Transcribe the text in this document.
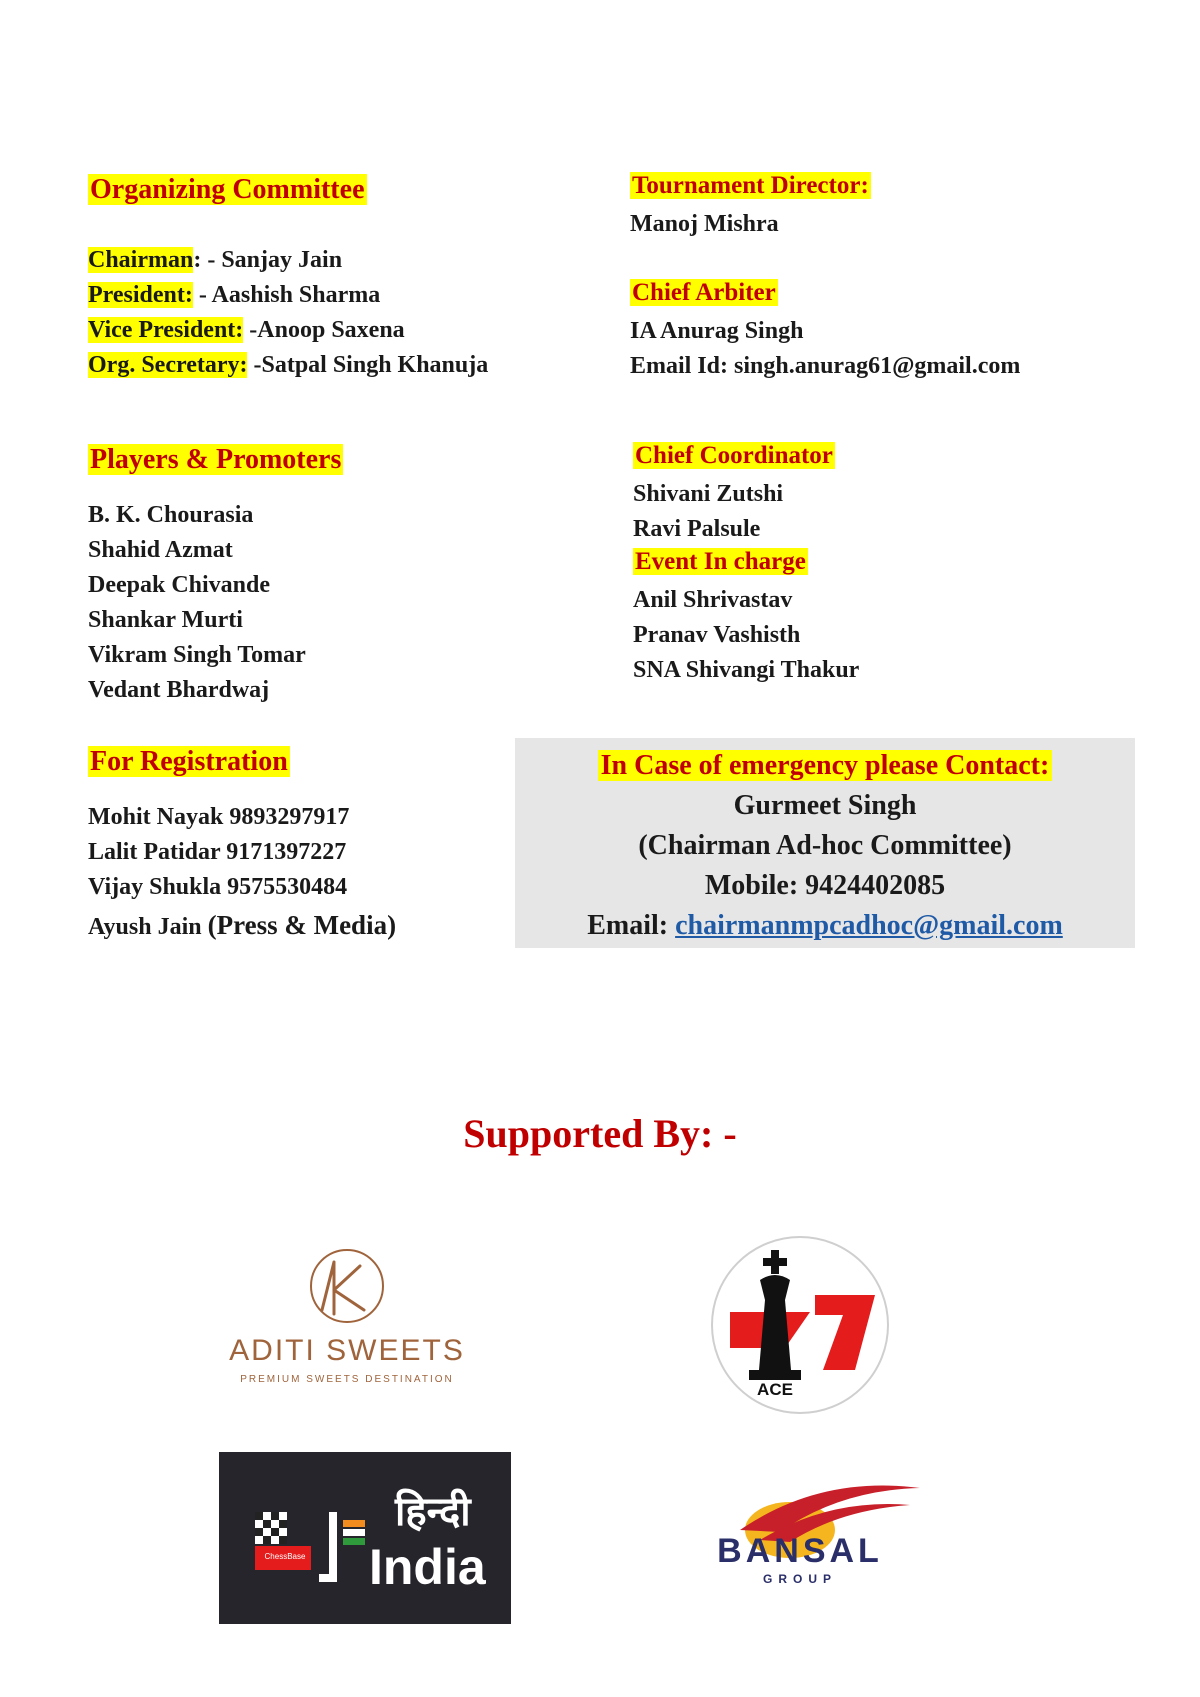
Organizing Committee
Chairman: - Sanjay Jain
President: - Aashish Sharma
Vice President: -Anoop Saxena
Org. Secretary: -Satpal Singh Khanuja
Tournament Director:
Manoj Mishra
Chief Arbiter
IA Anurag Singh
Email Id: singh.anurag61@gmail.com
Players & Promoters
B. K. Chourasia
Shahid Azmat
Deepak Chivande
Shankar Murti
Vikram Singh Tomar
Vedant Bhardwaj
Chief Coordinator
Shivani Zutshi
Ravi Palsule
Event In charge
Anil Shrivastav
Pranav Vashisth
SNA Shivangi Thakur
For Registration
Mohit Nayak 9893297917
Lalit Patidar 9171397227
Vijay Shukla 9575530484
Ayush Jain (Press & Media)
In Case of emergency please Contact:
Gurmeet Singh
(Chairman Ad-hoc Committee)
Mobile: 9424402085
Email: chairmanmpcadhoc@gmail.com
Supported By: -
ADITI SWEETS
PREMIUM SWEETS DESTINATION
ACE
ChessBase
हिन्दी
India	BANSAL
GROUP
